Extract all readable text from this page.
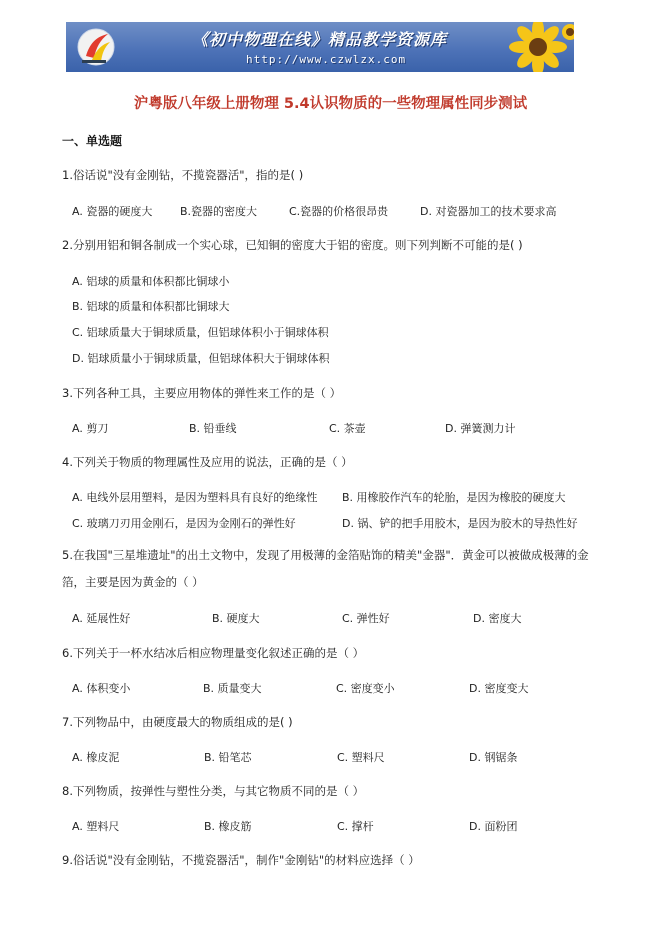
《初中物理在线》精品教学资源库
http://www.czwlzx.com
沪粤版八年级上册物理 5.4认识物质的一些物理属性同步测试
一、单选题
1.俗话说"没有金刚钻，不揽瓷器活"，指的是( )
A. 瓷器的硬度大	B.瓷器的密度大	C.瓷器的价格很昂贵	D. 对瓷器加工的技术要求高
2.分别用铝和铜各制成一个实心球，已知铜的密度大于铝的密度。则下列判断不可能的是( )
A. 铝球的质量和体积都比铜球小
B. 铝球的质量和体积都比铜球大
C. 铝球质量大于铜球质量，但铝球体积小于铜球体积
D. 铝球质量小于铜球质量，但铝球体积大于铜球体积
3.下列各种工具，主要应用物体的弹性来工作的是（ ）
A. 剪刀	B. 铅垂线	C. 茶壶	D. 弹簧测力计
4.下列关于物质的物理属性及应用的说法，正确的是（ ）
A. 电线外层用塑料，是因为塑料具有良好的绝缘性 B. 用橡胶作汽车的轮胎，是因为橡胶的硬度大
C. 玻璃刀刃用金刚石，是因为金刚石的弹性好	D. 锅、铲的把手用胶木，是因为胶木的导热性好
5.在我国"三星堆遗址"的出土文物中，发现了用极薄的金箔贴饰的精美"金器"．黄金可以被做成极薄的金箔，主要是因为黄金的（ ）
A. 延展性好	B. 硬度大	C. 弹性好	D. 密度大
6.下列关于一杯水结冰后相应物理量变化叙述正确的是（ ）
A. 体积变小	B. 质量变大	C. 密度变小	D. 密度变大
7.下列物品中，由硬度最大的物质组成的是( )
A. 橡皮泥	B. 铅笔芯	C. 塑料尺	D. 钢锯条
8.下列物质，按弹性与塑性分类，与其它物质不同的是（ ）
A. 塑料尺	B. 橡皮筋	C. 撑杆	D. 面粉团
9.俗话说"没有金刚钻，不揽瓷器活"，制作"金刚钻"的材料应选择（ ）
